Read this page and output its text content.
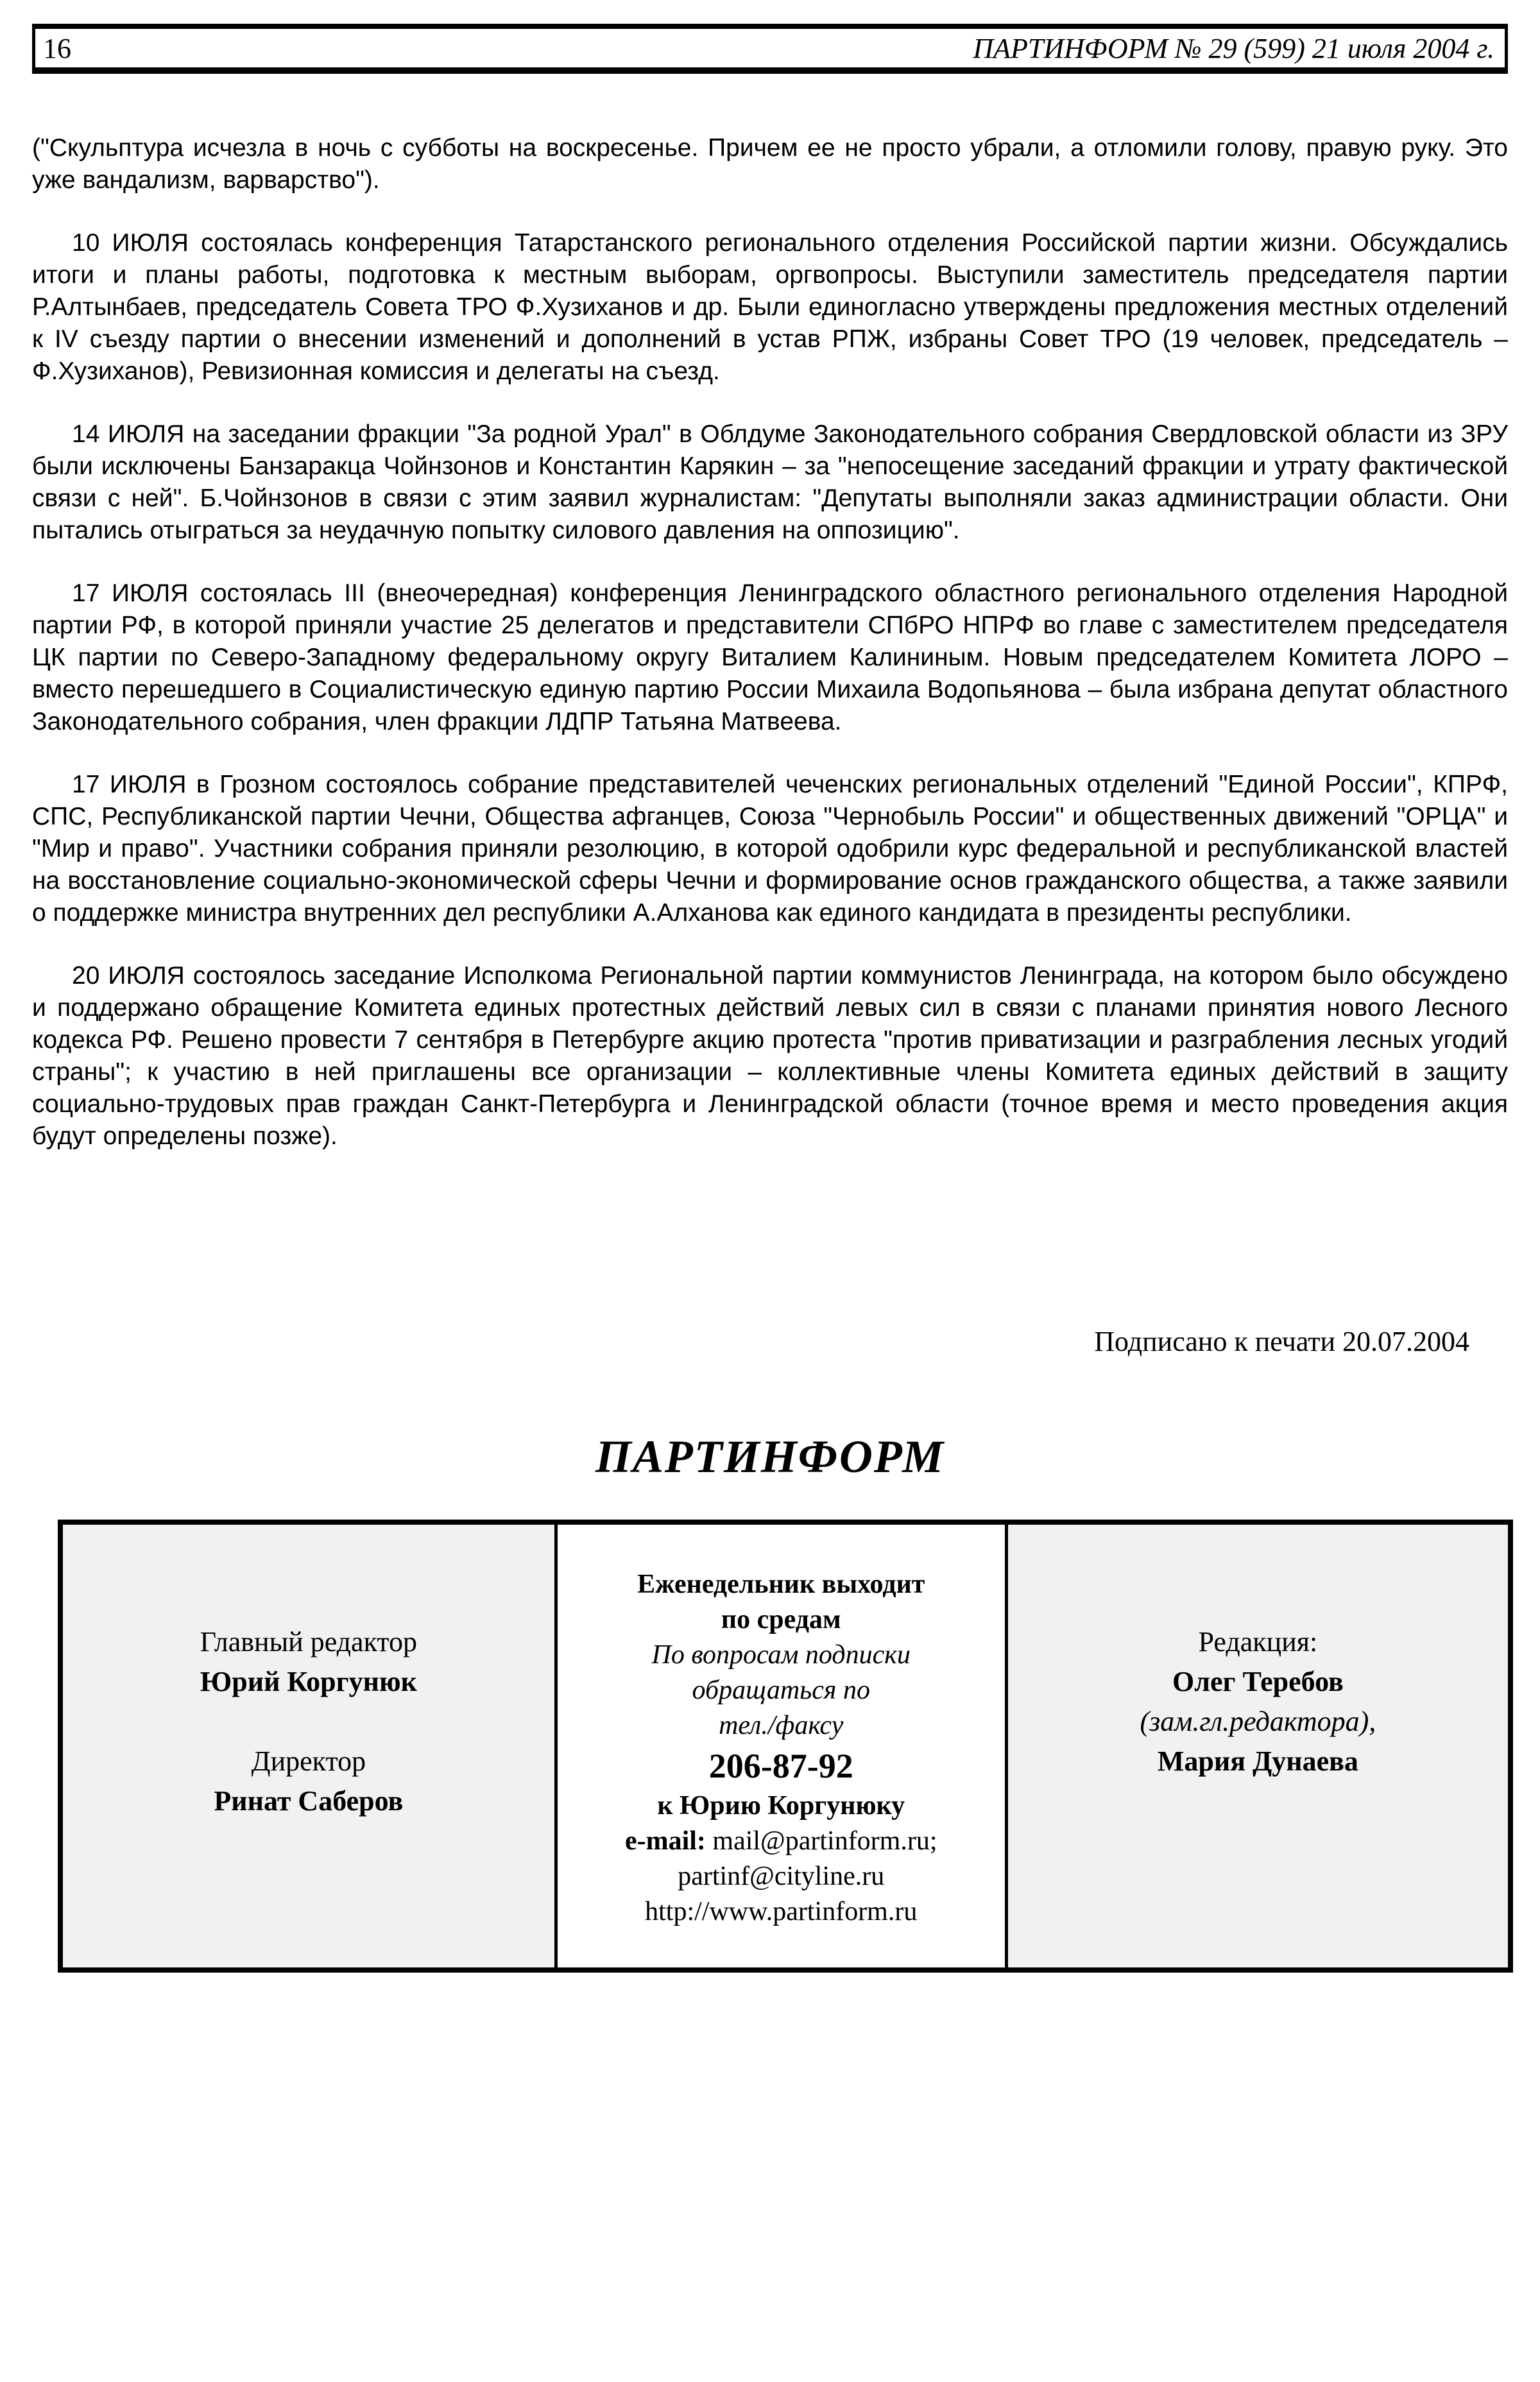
16	ПАРТИНФОРМ № 29 (599) 21 июля 2004 г.

("Скульптура исчезла в ночь с субботы на воскресенье. Причем ее не просто убрали, а отломили голову, правую руку. Это уже вандализм, варварство").

10 ИЮЛЯ состоялась конференция Татарстанского регионального отделения Российской партии жизни. Обсуждались итоги и планы работы, подготовка к местным выборам, оргвопросы. Выступили заместитель председателя партии Р.Алтынбаев, председатель Совета ТРО Ф.Хузиханов и др. Были единогласно утверждены предложения местных отделений к IV съезду партии о внесении изменений и дополнений в устав РПЖ, избраны Совет ТРО (19 человек, председатель – Ф.Хузиханов), Ревизионная комиссия и делегаты на съезд.

14 ИЮЛЯ на заседании фракции "За родной Урал" в Облдуме Законодательного собрания Свердловской области из ЗРУ были исключены Банзаракца Чойнзонов и Константин Карякин – за "непосещение заседаний фракции и утрату фактической связи с ней". Б.Чойнзонов в связи с этим заявил журналистам: "Депутаты выполняли заказ администрации области. Они пытались отыграться за неудачную попытку силового давления на оппозицию".

17 ИЮЛЯ состоялась III (внеочередная) конференция Ленинградского областного регионального отделения Народной партии РФ, в которой приняли участие 25 делегатов и представители СПбРО НПРФ во главе с заместителем председателя ЦК партии по Северо-Западному федеральному округу Виталием Калининым. Новым председателем Комитета ЛОРО – вместо перешедшего в Социалистическую единую партию России Михаила Водопьянова – была избрана депутат областного Законодательного собрания, член фракции ЛДПР Татьяна Матвеева.

17 ИЮЛЯ в Грозном состоялось собрание представителей чеченских региональных отделений "Единой России", КПРФ, СПС, Республиканской партии Чечни, Общества афганцев, Союза "Чернобыль России" и общественных движений "ОРЦА" и "Мир и право". Участники собрания приняли резолюцию, в которой одобрили курс федеральной и республиканской властей на восстановление социально-экономической сферы Чечни и формирование основ гражданского общества, а также заявили о поддержке министра внутренних дел республики А.Алханова как единого кандидата в президенты республики.

20 ИЮЛЯ состоялось заседание Исполкома Региональной партии коммунистов Ленинграда, на котором было обсуждено и поддержано обращение Комитета единых протестных действий левых сил в связи с планами принятия нового Лесного кодекса РФ. Решено провести 7 сентября в Петербурге акцию протеста "против приватизации и разграбления лесных угодий страны"; к участию в ней приглашены все организации – коллективные члены Комитета единых действий в защиту социально-трудовых прав граждан Санкт-Петербурга и Ленинградской области (точное время и место проведения акция будут определены позже).

Подписано к печати 20.07.2004
ПАРТИНФОРМ
Главный редактор
Юрий Коргунюк
Директор
Ринат Саберов
Еженедельник выходит
по средам
По вопросам подписки
обращаться по
тел./факсу
206-87-92
к Юрию Коргунюку
e-mail: mail@partinform.ru;
partinf@cityline.ru
http://www.partinform.ru
Редакция:
Олег Теребов
(зам.гл.редактора),
Мария Дунаева
